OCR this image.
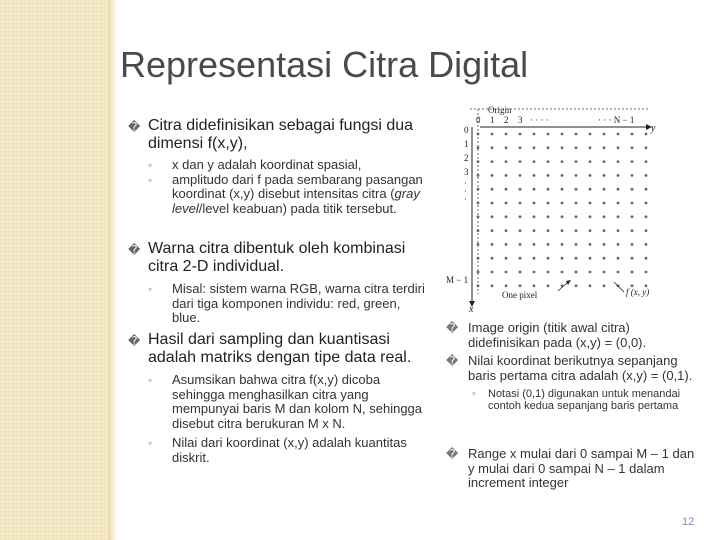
Representasi Citra Digital
� Citra didefinisikan sebagai fungsi dua dimensi f(x,y),
◦ x dan y adalah koordinat spasial,
◦ amplitudo dari f pada sembarang pasangan koordinat (x,y) disebut intensitas citra (gray level/level keabuan) pada titik tersebut.
� Warna citra dibentuk oleh kombinasi citra 2-D individual.
◦ Misal: sistem warna RGB, warna citra terdiri dari tiga komponen individu: red, green, blue.
� Hasil dari sampling dan kuantisasi adalah matriks dengan tipe data real.
◦ Asumsikan bahwa citra f(x,y) dicoba sehingga menghasilkan citra yang mempunyai baris M dan kolom N, sehingga disebut citra berukuran M x N.
◦ Nilai dari koordinat (x,y) adalah kuantitas diskrit.
Origin
0 1 2 3 · · · ·	· · · N − 1
0
1
2
3
·
·
·
M − 1
y
x
One pixel	f (x, y)
� Image origin (titik awal citra) didefinisikan pada (x,y) = (0,0).
� Nilai koordinat berikutnya sepanjang baris pertama citra adalah (x,y) = (0,1).
◦ Notasi (0,1) digunakan untuk menandai contoh kedua sepanjang baris pertama
� Range x mulai dari 0 sampai M – 1 dan y mulai dari 0 sampai N – 1 dalam increment integer
12
